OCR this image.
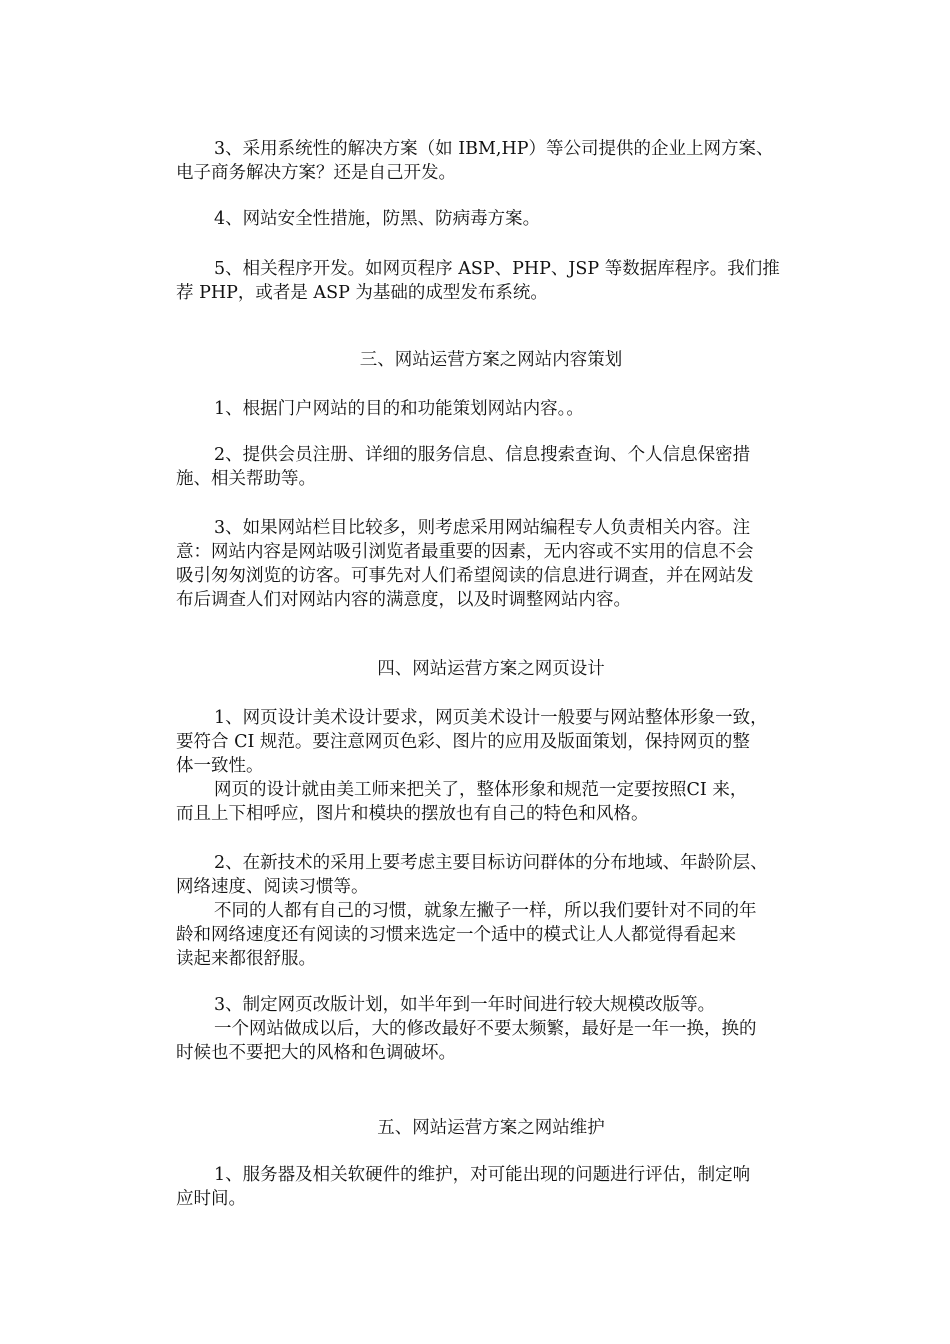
3、采用系统性的解决方案（如 IBM,HP）等公司提供的企业上网方案、
电子商务解决方案？还是自己开发。
4、网站安全性措施，防黑、防病毒方案。
5、相关程序开发。如网页程序 ASP、PHP、JSP 等数据库程序。我们推
荐 PHP，或者是 ASP 为基础的成型发布系统。
三、网站运营方案之网站内容策划
1、根据门户网站的目的和功能策划网站内容。。
2、提供会员注册、详细的服务信息、信息搜索查询、个人信息保密措
施、相关帮助等。
3、如果网站栏目比较多，则考虑采用网站编程专人负责相关内容。注
意：网站内容是网站吸引浏览者最重要的因素，无内容或不实用的信息不会
吸引匆匆浏览的访客。可事先对人们希望阅读的信息进行调查，并在网站发
布后调查人们对网站内容的满意度，以及时调整网站内容。
四、网站运营方案之网页设计
1、网页设计美术设计要求，网页美术设计一般要与网站整体形象一致，
要符合 CI 规范。要注意网页色彩、图片的应用及版面策划，保持网页的整
体一致性。
网页的设计就由美工师来把关了，整体形象和规范一定要按照CI 来，
而且上下相呼应，图片和模块的摆放也有自己的特色和风格。
2、在新技术的采用上要考虑主要目标访问群体的分布地域、年龄阶层、
网络速度、阅读习惯等。
不同的人都有自己的习惯，就象左撇子一样，所以我们要针对不同的年
龄和网络速度还有阅读的习惯来选定一个适中的模式让人人都觉得看起来
读起来都很舒服。
3、制定网页改版计划，如半年到一年时间进行较大规模改版等。
一个网站做成以后，大的修改最好不要太频繁，最好是一年一换，换的
时候也不要把大的风格和色调破坏。
五、网站运营方案之网站维护
1、服务器及相关软硬件的维护，对可能出现的问题进行评估，制定响
应时间。
